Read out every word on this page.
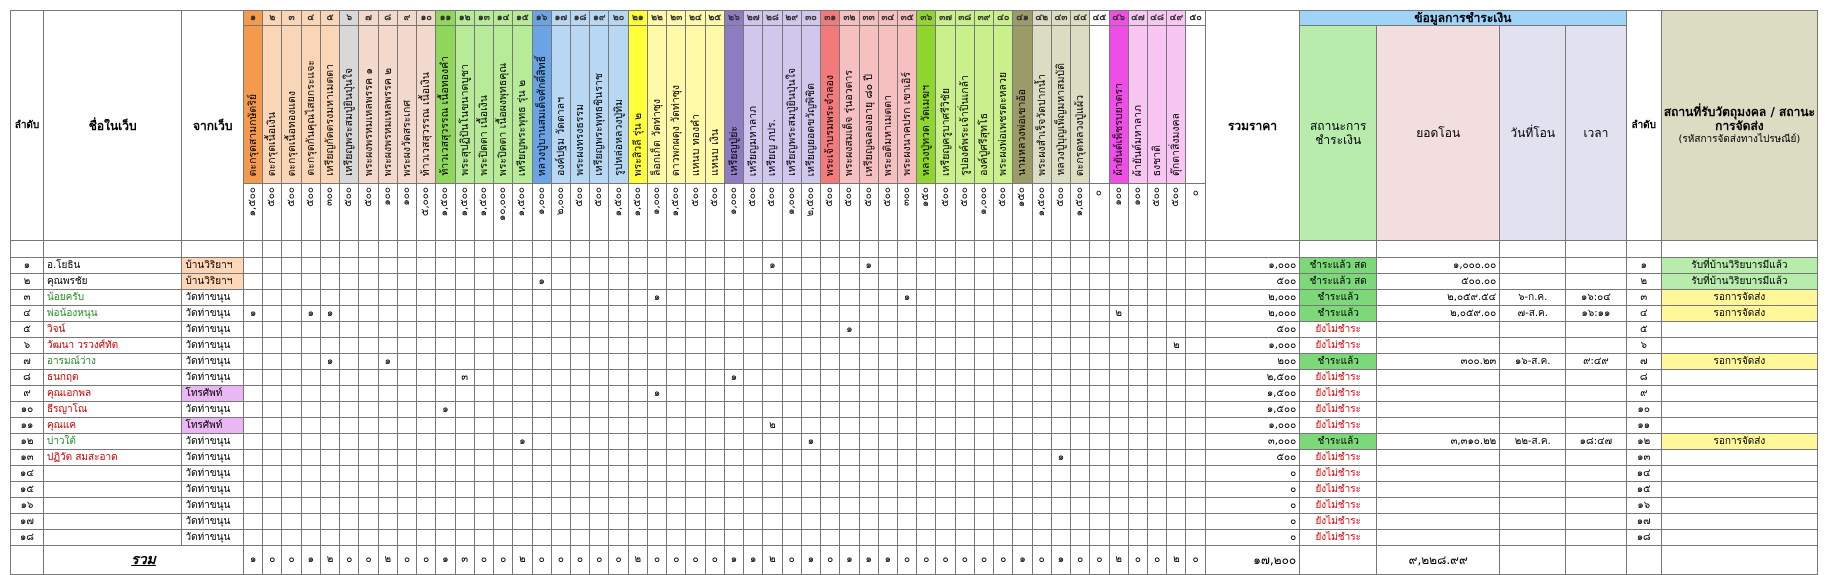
ลำดับ	ชื่อในเว็บ	จากเว็บ	๑	๒	๓	๔	๕	๖	๗	๘	๙	๑๐	๑๑	๑๒	๑๓	๑๔	๑๕	๑๖	๑๗	๑๘	๑๙	๒๐	๒๑	๒๒	๒๓	๒๔	๒๕	๒๖	๒๗	๒๘	๒๙	๓๐	๓๑	๓๒	๓๓	๓๔	๓๕	๓๖	๓๗	๓๘	๓๙	๔๐	๔๑	๔๒	๔๓	๔๔	๔๕	๔๖	๔๗	๔๘	๔๙	๕๐	รวมราคา	ข้อมูลการชำระเงิน				ลำดับ	สถานที่รับวัตถุมงคล / สถานะการจัดส่ง
(รหัสการจัดส่งทางไปรษณีย์)

			ตะกรุดสามกษัตริย์	ตะกรุดเนื้อเงิน	ตะกรุดเนื้อทองแดง	ตะกรุดกันคุณไสยกระแจะ	เหรียญกัดตรงมหาเมตตา	เหรียญพระสมปู่ยินปุ่นใจ	พระผงพรหมเหลพรรค ๑	พระผงพรหมเหลพรรค ๒	พระผงวัดสระเกศ	ท้าวเวสสุวรรณ เนื้อเงิน	ท้าวเวสสุวรรณ เนื้อทองคำ	พระสุปฏิปันโนขนาดบูชา	พระปิดตา เนื้อเงิน	พระปิดตา เนื้อผงพุทธคุณ	เหรียญพระพุทธ รุ่น ๒	หลวงปู่บานสมเด็จศักดิ์สิทธิ์	องค์ปฐม วัดตาลฯ	พระผงทรงธรรม	เหรียญพระพุทธชินราช	รูปหล่อหลวงปู่ทิม	พระสิวลี รุ่น ๒	ล็อกเก็ต วัดท่าซุง	ดาวพกผดุง วัดท่าซุง	แหนบ ทองคำ	แหนบ เงิน	เหรียญปู่ย่ะ	เหรียญมหาลาภ	เหรียญ ภปร.	เหรียญพระสมปู่ยินปุ่นใจ	เหรียญยอดขวัญพิชิต	พระเจ้าบรมพระจำลอง	พระผงสมเด็จ รุ่นอวตาร	เหรียญฉลองอายุ ๘๐ ปี	พระอติมหาเมตตา	พระผงนาคปรก เขาเอิร์	หลวงปู่ทวด วัดเมฆฯ	เหรียญครูบาศรีวิชัย	รูปองค์พระเจ้าปิ่นเกล้า	องค์ปู่ศรีสุทโธ	พระผงพ่อเพชรตะหลวย	นามหลวงพ่อเขาอ้อ	พระผงสำเร็จวัดปากน้ำ	หลวงปู่บุญเพ็ญมหาสมบัติ	ตะกรุดหลวงปู่แผ้ว		ผ้ายันต์เพ็ชรบยาตรา	ผ้ายันต์มหาลาภ	ธงชาติ	ตุ๊กตาสิ่งมงคล			สถานะการชำระเงิน	ยอดโอน	วันที่โอน	เวลา		
			๑,๕๐๐	๕๐๐	๕๐๐	๕๐๐	๓๐๐	๕๐๐	๕๐๐	๑๐๐	๑๐๐	๕,๐๐๐	๑,๕๐๐	๑,๕๐๐	๑,๕๐๐	๑๐,๐๐๐	๑,๕๐๐	๑,๐๐๐	๒,๐๐๐	๕๐๐	๕๐๐	๑,๕๐๐	๑,๕๐๐	๑,๐๐๐	๑,๕๐๐	๕๐๐	๕๐๐	๑,๐๐๐	๕๐๐	๕๐๐	๑,๐๐๐	๒,๕๐๐	๕๐๐	๕๐๐	๕๐๐	๕๐๐	๓๐๐	๑๕๐	๕๐๐	๕๐๐	๑,๐๐๐	๕๐๐	๑๕๐	๑,๕๐๐	๕๐๐	๑,๕๐๐	๐	๑๐๐	๑๐๐	๕๐๐	๕๐๐	๐							

๑	อ.โยธิน	บ้านวิริยาฯ																												๑					๑																		๑,๐๐๐	ชำระแล้ว สด	๑,๐๐๐.๐๐			๑	รับที่บ้านวิริยบารมีแล้ว
๒	คุณพรชัย	บ้านวิริยาฯ																๑																																			๕๐๐	ชำระแล้ว สด	๕๐๐.๐๐			๒	รับที่บ้านวิริยบารมีแล้ว
๓	น้อยครับ	วัดท่าขนุน																						๑													๑																๒,๐๐๐	ชำระแล้ว	๒,๐๕๙.๕๔	๖-ก.ค.	๑๖:๐๔	๓	รอการจัดส่ง
๔	พ่อน้องหนุน	วัดท่าขนุน	๑			๑	๑																																									๒					๒,๐๐๐	ชำระแล้ว	๒,๐๕๙.๐๐	๗-ส.ค.	๑๖:๑๑	๔	รอการจัดส่ง
๕	วิจน์	วัดท่าขนุน																																๑																			๕๐๐	ยังไม่ชำระ				๕	
๖	วัฒนา วรวงศ์ทัต	วัดท่าขนุน																																																	๒		๑,๐๐๐	ยังไม่ชำระ				๖	
๗	อารมณ์ว่าง	วัดท่าขนุน					๑			๑																																											๒๐๐	ชำระแล้ว	๓๐๐.๒๓	๑๖-ส.ค.	๙:๔๙	๗	รอการจัดส่ง
๘	ธนกฤต	วัดท่าขนุน												๓														๑																									๒,๕๐๐	ยังไม่ชำระ				๘	
๙	คุณเอกพล	โทรศัพท์																						๑																													๑,๕๐๐	ยังไม่ชำระ				๙	
๑๐	ธีรญาโณ	วัดท่าขนุน											๑																																								๑,๕๐๐	ยังไม่ชำระ				๑๐	
๑๑	คุณแค	โทรศัพท์																												๒																							๑,๐๐๐	ยังไม่ชำระ				๑๑	
๑๒	บ่าวใต้	วัดท่าขนุน															๑															๑																					๓,๐๐๐	ชำระแล้ว	๓,๓๑๐.๒๒	๒๒-ส.ค.	๑๘:๔๗	๑๒	รอการจัดส่ง
๑๓	ปฏิวัต สมสะอาด	วัดท่าขนุน																																											๑								๕๐๐	ยังไม่ชำระ				๑๓	
๑๔		วัดท่าขนุน																																																			๐	ยังไม่ชำระ				๑๔	
๑๕		วัดท่าขนุน																																																			๐	ยังไม่ชำระ				๑๕	
๑๖		วัดท่าขนุน																																																			๐	ยังไม่ชำระ				๑๖	
๑๗		วัดท่าขนุน																																																			๐	ยังไม่ชำระ				๑๗	
๑๘		วัดท่าขนุน																																																			๐	ยังไม่ชำระ				๑๘	
	รวม		๑	๐	๐	๑	๒	๐	๐	๒	๐	๐	๑	๓	๐	๐	๒	๐	๐	๐	๐	๐	๒	๐	๐	๐	๐	๑	๑	๒	๐	๑	๐	๑	๑	๑	๐	๐	๐	๐	๐	๐	๑	๐	๑	๐	๐	๒	๐	๐	๒	๐	๑๗,๒๐๐		๙,๒๒๘.๙๙				
